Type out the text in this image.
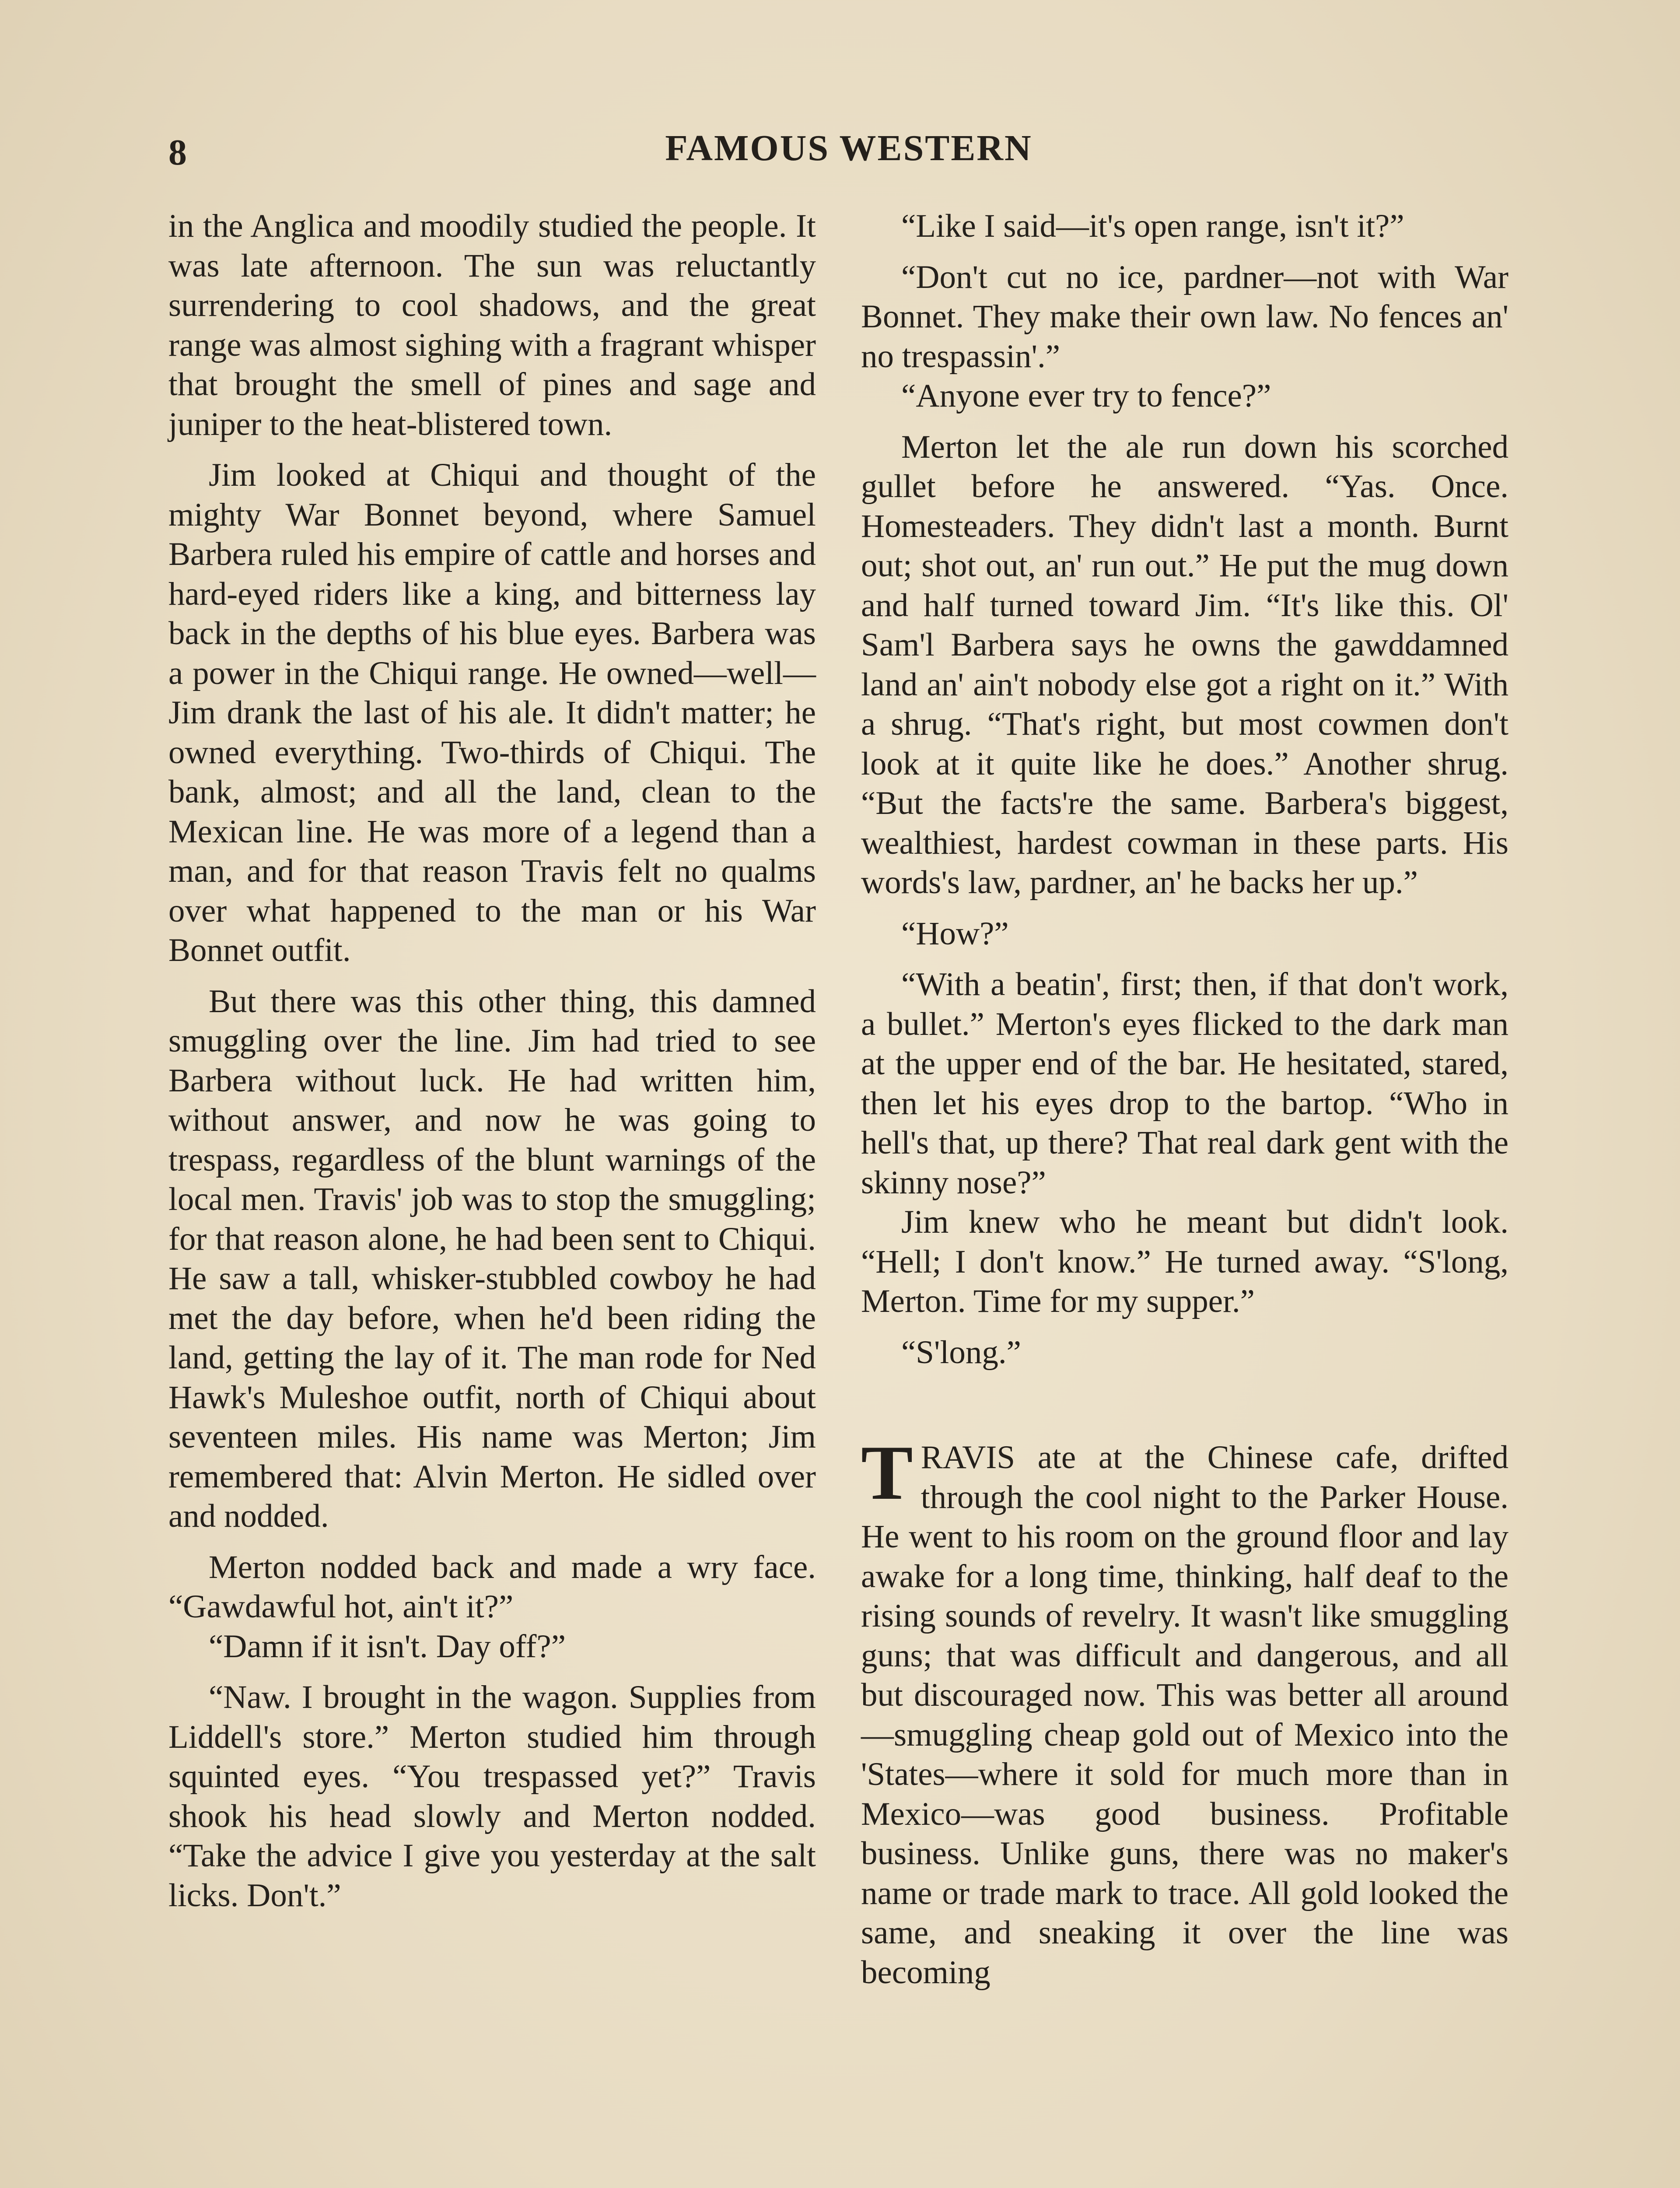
8	FAMOUS WESTERN

in the Anglica and moodily studied the people. It was late afternoon. The sun was reluctantly surrendering to cool shadows, and the great range was almost sighing with a fragrant whisper that brought the smell of pines and sage and juniper to the heat-blistered town.

Jim looked at Chiqui and thought of the mighty War Bonnet beyond, where Samuel Barbera ruled his empire of cattle and horses and hard-eyed riders like a king, and bitterness lay back in the depths of his blue eyes. Barbera was a power in the Chiqui range. He owned—well— Jim drank the last of his ale. It didn't matter; he owned everything. Two-thirds of Chiqui. The bank, almost; and all the land, clean to the Mexican line. He was more of a legend than a man, and for that reason Travis felt no qualms over what happened to the man or his War Bonnet outfit.

But there was this other thing, this damned smuggling over the line. Jim had tried to see Barbera without luck. He had written him, without answer, and now he was going to trespass, regardless of the blunt warnings of the local men. Travis' job was to stop the smuggling; for that reason alone, he had been sent to Chiqui. He saw a tall, whisker-stubbled cowboy he had met the day before, when he'd been riding the land, getting the lay of it. The man rode for Ned Hawk's Muleshoe outfit, north of Chiqui about seventeen miles. His name was Merton; Jim remembered that: Alvin Merton. He sidled over and nodded.

Merton nodded back and made a wry face. “Gawdawful hot, ain't it?”

“Damn if it isn't. Day off?”

“Naw. I brought in the wagon. Supplies from Liddell's store.” Merton studied him through squinted eyes. “You trespassed yet?” Travis shook his head slowly and Merton nodded. “Take the advice I give you yesterday at the salt licks. Don't.”

“Like I said—it's open range, isn't it?”

“Don't cut no ice, pardner—not with War Bonnet. They make their own law. No fences an' no trespassin'.”

“Anyone ever try to fence?”

Merton let the ale run down his scorched gullet before he answered. “Yas. Once. Homesteaders. They didn't last a month. Burnt out; shot out, an' run out.” He put the mug down and half turned toward Jim. “It's like this. Ol' Sam'l Barbera says he owns the gawddamned land an' ain't nobody else got a right on it.” With a shrug. “That's right, but most cowmen don't look at it quite like he does.” Another shrug. “But the facts're the same. Barbera's biggest, wealthiest, hardest cowman in these parts. His words's law, pardner, an' he backs her up.”

“How?”

“With a beatin', first; then, if that don't work, a bullet.” Merton's eyes flicked to the dark man at the upper end of the bar. He hesitated, stared, then let his eyes drop to the bartop. “Who in hell's that, up there? That real dark gent with the skinny nose?”

Jim knew who he meant but didn't look. “Hell; I don't know.” He turned away. “S'long, Merton. Time for my supper.”

“S'long.”

TRAVIS ate at the Chinese cafe, drifted through the cool night to the Parker House. He went to his room on the ground floor and lay awake for a long time, thinking, half deaf to the rising sounds of revelry. It wasn't like smuggling guns; that was difficult and dangerous, and all but discouraged now. This was better all around—smuggling cheap gold out of Mexico into the 'States—where it sold for much more than in Mexico—was good business. Profitable business. Unlike guns, there was no maker's name or trade mark to trace. All gold looked the same, and sneaking it over the line was becoming
